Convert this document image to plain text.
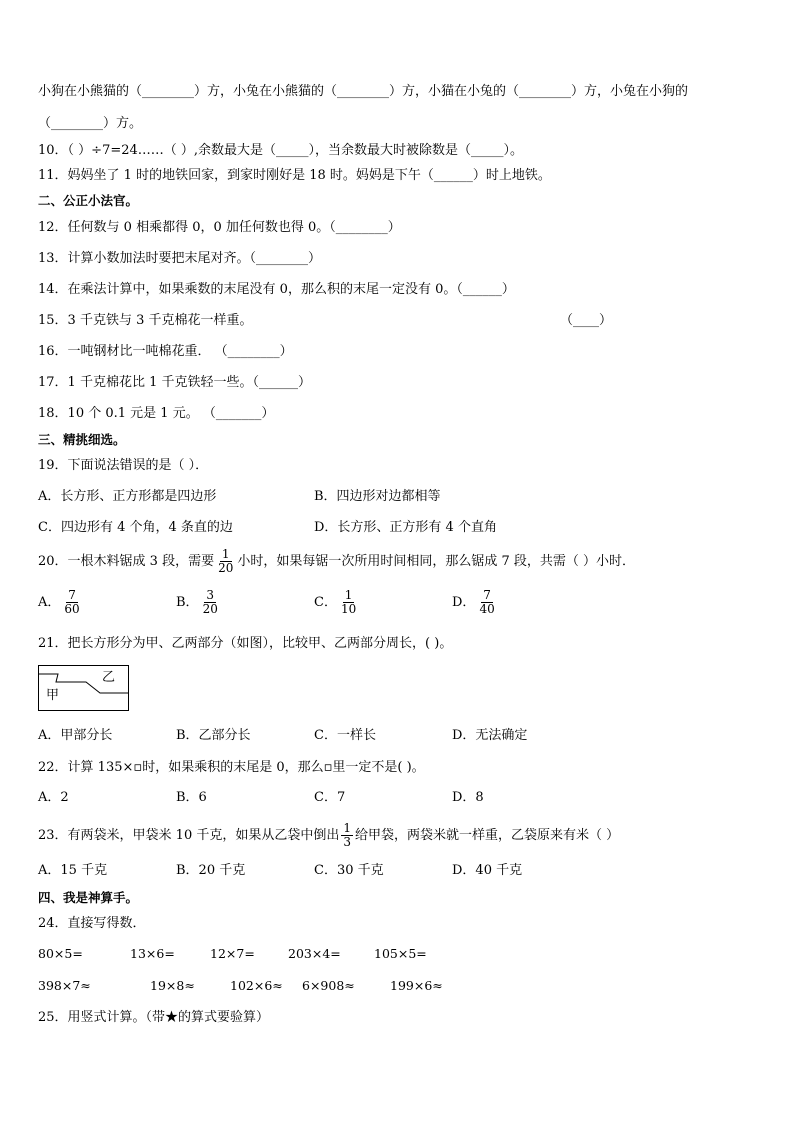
小狗在小熊猫的（________）方，小兔在小熊猫的（________）方，小猫在小兔的（________）方，小兔在小狗的
（________）方。
10．（ ）÷7=24……（ ）,余数最大是（_____），当余数最大时被除数是（_____）。
11．妈妈坐了 1 时的地铁回家，到家时刚好是 18 时。妈妈是下午（______）时上地铁。
二、公正小法官。
12．任何数与 0 相乘都得 0，0 加任何数也得 0。（________）
13．计算小数加法时要把末尾对齐。（________）
14．在乘法计算中，如果乘数的末尾没有 0，那么积的末尾一定没有 0。（______）
15．3 千克铁与 3 千克棉花一样重。	（____）
16．一吨钢材比一吨棉花重． （________）
17．1 千克棉花比 1 千克铁轻一些。（______）
18．10 个 0.1 元是 1 元。 （_______）
三、精挑细选。
19．下面说法错误的是（ ）．
A．长方形、正方形都是四边形	B．四边形对边都相等
C．四边形有 4 个角，4 条直的边	D．长方形、正方形有 4 个直角
20．一根木料锯成 3 段，需要 $\frac{1}{20}$ 小时，如果每锯一次所用时间相同，那么锯成 7 段，共需（ ）小时．
A． $\frac{7}{60}$	B． $\frac{3}{20}$	C． $\frac{1}{10}$	D． $\frac{7}{40}$
21．把长方形分为甲、乙两部分（如图），比较甲、乙两部分周长，( )。
甲
乙
A．甲部分长	B．乙部分长	C．一样长	D．无法确定
22．计算 135×▫时，如果乘积的末尾是 0，那么▫里一定不是( )。
A．2	B．6	C．7	D．8
23．有两袋米，甲袋米 10 千克，如果从乙袋中倒出 $\frac{1}{3}$ 给甲袋，两袋米就一样重，乙袋原来有米（ ）
A．15 千克	B．20 千克	C．30 千克	D．40 千克
四、我是神算手。
24．直接写得数．
80×5=	13×6=	12×7=	203×4=	105×5=
398×7≈	19×8≈	102×6≈ 6×908≈	199×6≈
25．用竖式计算。（带★的算式要验算）
